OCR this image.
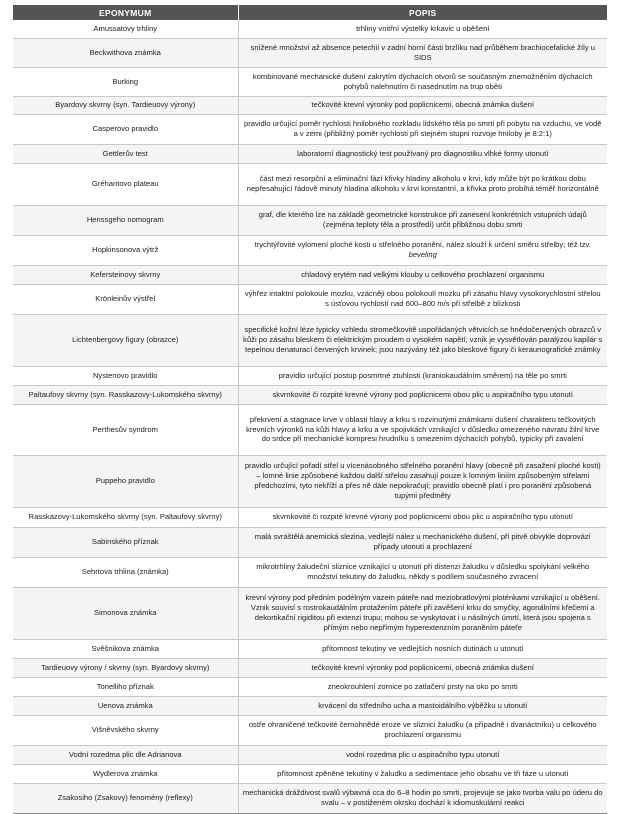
EPONYMUM	POPIS
Amussatovy trhliny	trhliny vnitřní výstelky krkavic u oběšení
Beckwithova známka	snížené množství až absence petechií v zadní horní části brzlíku nad průběhem brachiocefalické žíly u SIDS
Burking	kombinované mechanické dušení zakrytím dýchacích otvorů se současným znemožněním dýchacích pohybů nalehnutím či nasednutím na trup oběti
Byardovy skvrny (syn. Tardieuovy výrony)	tečkovité krevní výronky pod poplicnicemi, obecná známka dušení
Casperovo pravidlo	pravidlo určující poměr rychlosti hnilobného rozkladu lidského těla po smrti při pobytu na vzduchu, ve vodě a v zemi (přibližný poměr rychlosti při stejném stupni rozvoje hniloby je 8:2:1)
Gettlerův test	laboratorní diagnostický test používaný pro diagnostiku vlhké formy utonutí
Gréhantovo plateau	část mezi resorpční a eliminační fází křivky hladiny alkoholu v krvi, kdy může být po krátkou dobu nepřesahující řádově minuty hladina alkoholu v krvi konstantní, a křivka proto probíhá téměř horizontálně
Henssgeho nomogram	graf, dle kterého lze na základě geometrické konstrukce při zanesení konkrétních vstupních údajů (zejména teploty těla a prostředí) určit přibližnou dobu smrti
Hopkinsonova výtrž	trychtýřovité vylomení ploché kosti u střelného poranění, nález slouží k určení směru střelby; též tzv. beveling
Kefersteinovy skvrny	chladový erytém nad velkými klouby u celkového prochlazení organismu
Krönleinův výstřel	výhřez intaktní polokoule mozku, vzácněji obou polokoulí mozku při zásahu hlavy vysokorychlostní střelou s úsťovou rychlostí nad 600–800 m/s při střelbě z blízkosti
Lichtenbergovy figury (obrazce)	specifické kožní léze typicky vzhledu stromečkovitě uspořádaných větvicích se hnědočervených obrazců v kůži po zásahu bleskem či elektrickým proudem o vysokém napětí; vznik je vysvětlován paralýzou kapilár s tepelnou denaturací červených krvinek; jsou nazývány též jako bleskové figury či keraunografické známky
Nystenovo pravidlo	pravidlo určující postup posmrtné ztuhlosti (kraniokaudálním směrem) na těle po smrti
Paltaufovy skvrny (syn. Rasskazovy-Lukomského skvrny)	skvrnkovité či rozpité krevné výrony pod poplicnicemi obou plic u aspiračního typu utonutí
Perthesův syndrom	překrvení a stagnace krve v oblasti hlavy a krku s rozvinutými známkami dušení charakteru tečkovitých krevních výronků na kůži hlavy a krku a ve spojivkách vznikající v důsledku omezeného návratu žilní krve do srdce při mechanické kompresi hrudníku s omezením dýchacích pohybů, typicky při zavalení
Puppeho pravidlo	pravidlo určující pořadí střel u vícenásobného střelného poranění hlavy (obecně při zasažení ploché kosti) – lomné linie způsobené každou další střelou zasahují pouze k lomným liniím způsobeným střelami předchozími, tyto nekříží a přes ně dále nepokračují; pravidlo obecně platí i pro poranění způsobená tupými předměty
Rasskazovy-Lukomského skvrny (syn. Paltaufovy skvrny)	skvrnkovité či rozpité krevné výrony pod poplicnicemi obou plic u aspiračního typu utonutí
Sabinského příznak	malá svráštělá anemická slezina, vedlejší nález u mechanického dušení, při pitvě obvykle doprovází případy utonutí a prochlazení
Sehrtova trhlina (známka)	mikrotrhliny žaludeční sliznice vznikající u utonutí při distenzi žaludku v důsledku spolykání velkého množství tekutiny do žaludku, někdy s podílem současného zvracení
Simonova známka	krevní výrony pod předním podélným vazem páteře nad meziobratlovými ploténkami vznikající u oběšení. Vznik souvisí s rostrokaudálním protažením páteře při zavěšení krku do smyčky, agonálními křečemi a dekortikační rigiditou při extenzi trupu; mohou se vyskytovat i u násilných úmrtí, která jsou spojena s přímým nebo nepřímým hyperextenzním poraněním páteře
Svěšnikova známka	přítomnost tekutiny ve vedlejších nosních dutinách u utonutí
Tardieuovy výrony / skvrny (syn. Byardovy skvrny)	tečkovité krevní výronky pod poplicnicemi, obecná známka dušení
Tonelliho příznak	zneokrouhlení zornice po zatlačení prsty na oko po smrti
Uenova známka	krvácení do středního ucha a mastoidálního výběžku u utonutí
Višněvského skvrny	ostře ohraničené tečkovité černohnědé eroze ve sliznici žaludku (a případně i dvanáctníku) u celkového prochlazení organismu
Vodní rozedma plic dle Adrianova	vodní rozedma plic u aspiračního typu utonutí
Wydlerova známka	přítomnost zpěněné tekutiny v žaludku a sedimentace jeho obsahu ve tři fáze u utonutí
Zsakosiho (Zsakovy) fenomény (reflexy)	mechanická dráždivost svalů výbavná cca do 6–8 hodin po smrti, projevuje se jako tvorba valu po úderu do svalu – v postiženém okrsku dochází k idiomuskulární reakci
